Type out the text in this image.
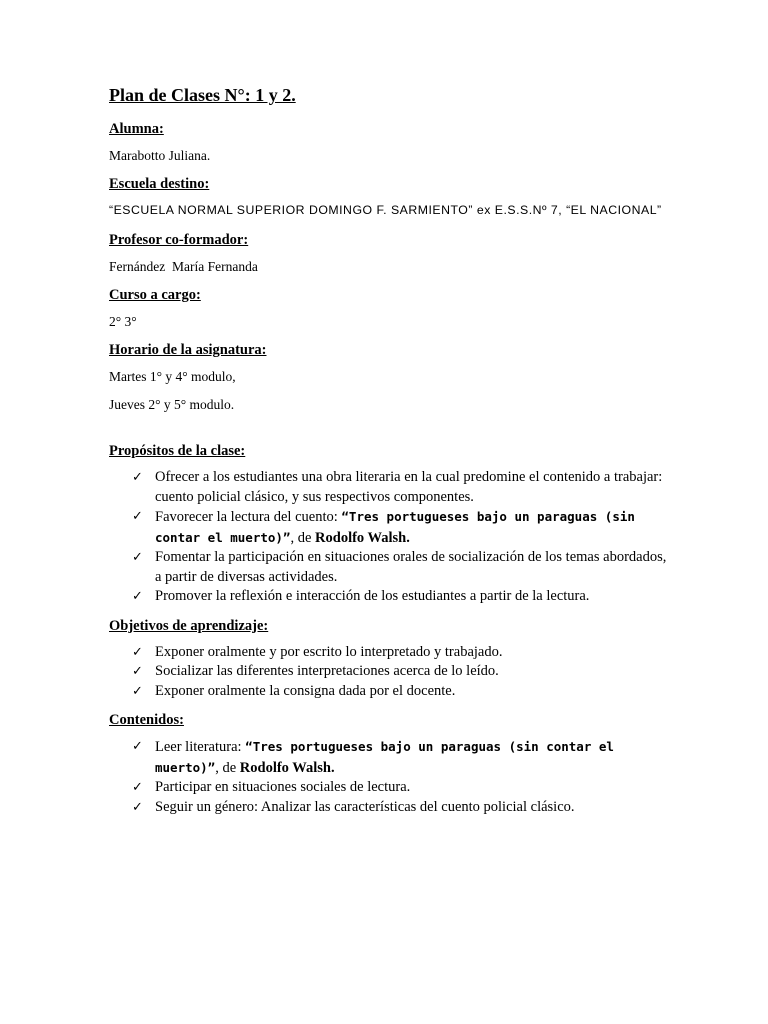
Plan de Clases N°: 1 y 2.
Alumna:
Marabotto Juliana.
Escuela destino:
“ESCUELA NORMAL SUPERIOR DOMINGO F. SARMIENTO” ex E.S.S.Nº 7, “EL NACIONAL”
Profesor co-formador:
Fernández  María Fernanda
Curso a cargo:
2° 3°
Horario de la asignatura:
Martes 1° y 4° modulo,
Jueves 2° y 5° modulo.
Propósitos de la clase:
✓ Ofrecer a los estudiantes una obra literaria en la cual predomine el contenido a trabajar: cuento policial clásico, y sus respectivos componentes.
✓ Favorecer la lectura del cuento: “Tres portugueses bajo un paraguas (sin contar el muerto)”, de Rodolfo Walsh.
✓ Fomentar la participación en situaciones orales de socialización de los temas abordados, a partir de diversas actividades.
✓ Promover la reflexión e interacción de los estudiantes a partir de la lectura.
Objetivos de aprendizaje:
✓ Exponer oralmente y por escrito lo interpretado y trabajado.
✓ Socializar las diferentes interpretaciones acerca de lo leído.
✓ Exponer oralmente la consigna dada por el docente.
Contenidos:
✓ Leer literatura: “Tres portugueses bajo un paraguas (sin contar el muerto)”, de Rodolfo Walsh.
✓ Participar en situaciones sociales de lectura.
✓ Seguir un género: Analizar las características del cuento policial clásico.
